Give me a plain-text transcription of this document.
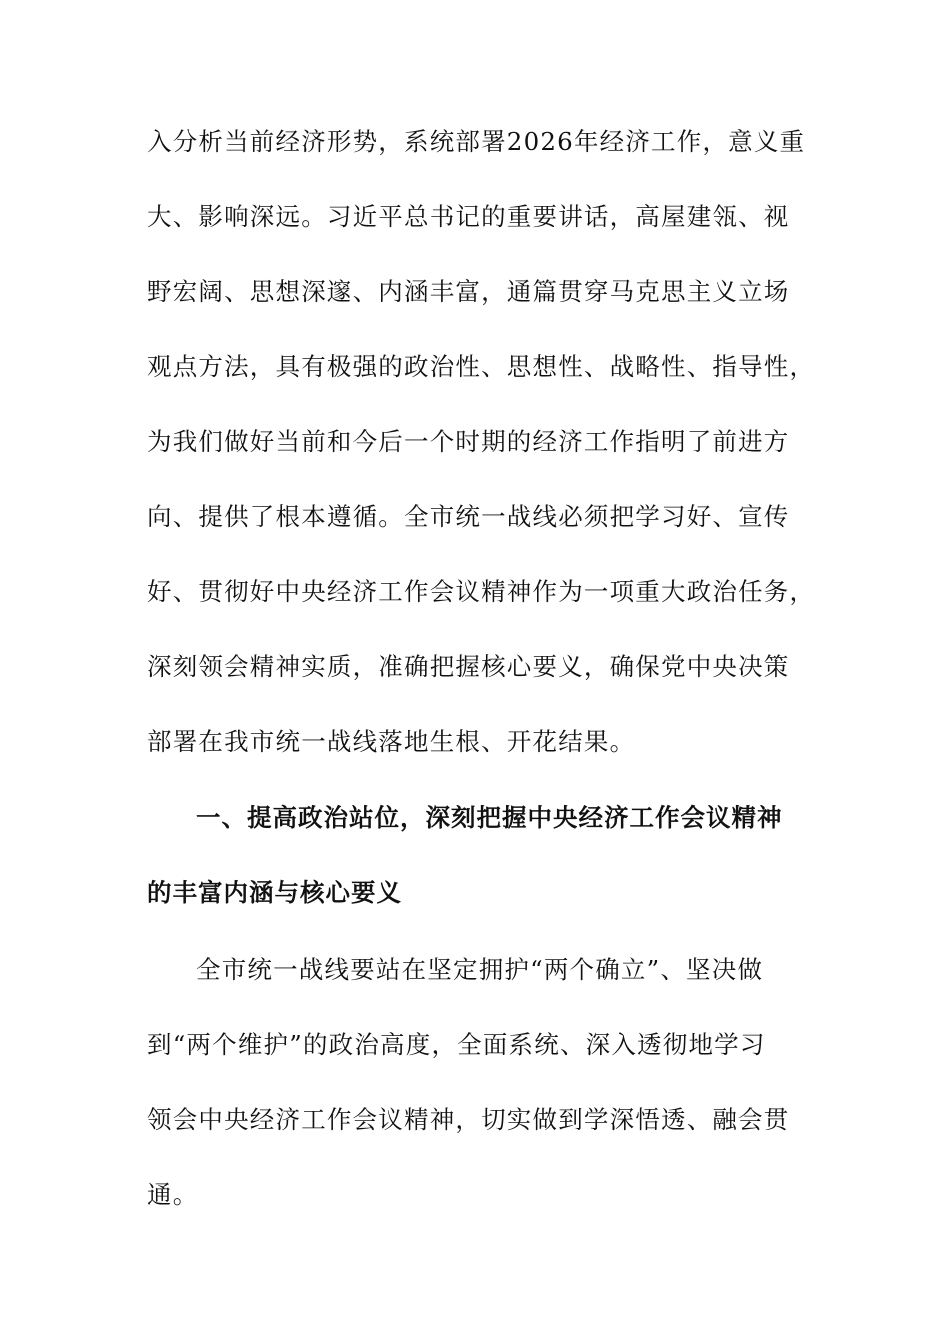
入分析当前经济形势，系统部署2026年经济工作，意义重
大、影响深远。习近平总书记的重要讲话，高屋建瓴、视
野宏阔、思想深邃、内涵丰富，通篇贯穿马克思主义立场
观点方法，具有极强的政治性、思想性、战略性、指导性，
为我们做好当前和今后一个时期的经济工作指明了前进方
向、提供了根本遵循。全市统一战线必须把学习好、宣传
好、贯彻好中央经济工作会议精神作为一项重大政治任务，
深刻领会精神实质，准确把握核心要义，确保党中央决策
部署在我市统一战线落地生根、开花结果。
一、提高政治站位，深刻把握中央经济工作会议精神
的丰富内涵与核心要义
全市统一战线要站在坚定拥护“两个确立”、坚决做
到“两个维护”的政治高度，全面系统、深入透彻地学习
领会中央经济工作会议精神，切实做到学深悟透、融会贯
通。
